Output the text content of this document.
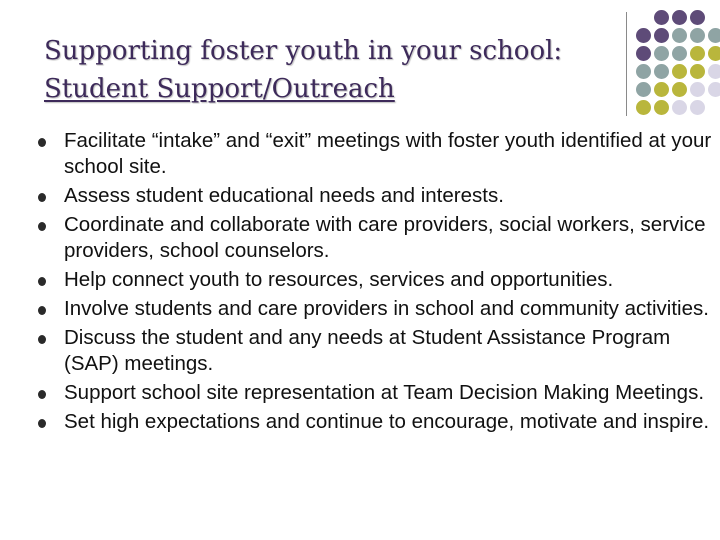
Supporting foster youth in your school:
Student Support/Outreach
Facilitate “intake” and “exit” meetings with foster youth identified at your school site.
Assess student educational needs and interests.
Coordinate and collaborate with care providers, social workers, service providers, school counselors.
Help connect youth to resources, services and opportunities.
Involve students and care providers in school and community activities.
Discuss the student and any needs at Student Assistance Program (SAP) meetings.
Support school site representation at Team Decision Making Meetings.
Set high expectations and continue to encourage, motivate and inspire.
